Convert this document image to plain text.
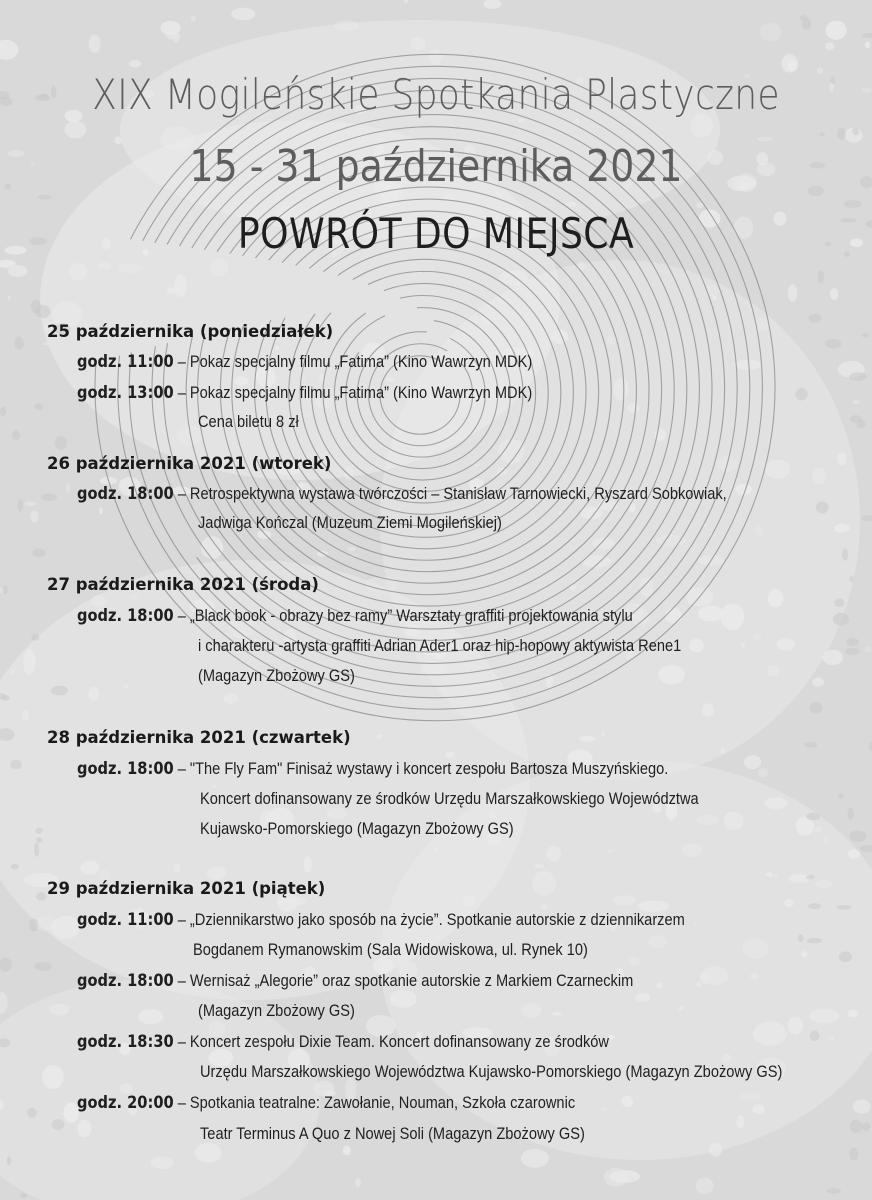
XIX Mogileńskie Spotkania Plastyczne
15 - 31 października 2021
POWRÓT DO MIEJSCA
25 października (poniedziałek)
godz. 11:00 – Pokaz specjalny filmu „Fatima” (Kino Wawrzyn MDK)
godz. 13:00 – Pokaz specjalny filmu „Fatima” (Kino Wawrzyn MDK)
Cena biletu 8 zł
26 października 2021 (wtorek)
godz. 18:00 – Retrospektywna wystawa twórczości – Stanisław Tarnowiecki, Ryszard Sobkowiak,
Jadwiga Kończal (Muzeum Ziemi Mogileńskiej)
27 października 2021 (środa)
godz. 18:00 – „Black book - obrazy bez ramy” Warsztaty graffiti projektowania stylu
i charakteru -artysta graffiti Adrian Ader1 oraz hip-hopowy aktywista Rene1
(Magazyn Zbożowy GS)
28 października 2021 (czwartek)
godz. 18:00 – "The Fly Fam" Finisaż wystawy i koncert zespołu Bartosza Muszyńskiego.
Koncert dofinansowany ze środków Urzędu Marszałkowskiego Województwa
Kujawsko-Pomorskiego (Magazyn Zbożowy GS)
29 października 2021 (piątek)
godz. 11:00 – „Dziennikarstwo jako sposób na życie”. Spotkanie autorskie z dziennikarzem
Bogdanem Rymanowskim (Sala Widowiskowa, ul. Rynek 10)
godz. 18:00 – Wernisaż „Alegorie” oraz spotkanie autorskie z Markiem Czarneckim
(Magazyn Zbożowy GS)
godz. 18:30 – Koncert zespołu Dixie Team. Koncert dofinansowany ze środków
Urzędu Marszałkowskiego Województwa Kujawsko-Pomorskiego (Magazyn Zbożowy GS)
godz. 20:00 – Spotkania teatralne: Zawołanie, Nouman, Szkoła czarownic
Teatr Terminus A Quo z Nowej Soli (Magazyn Zbożowy GS)
